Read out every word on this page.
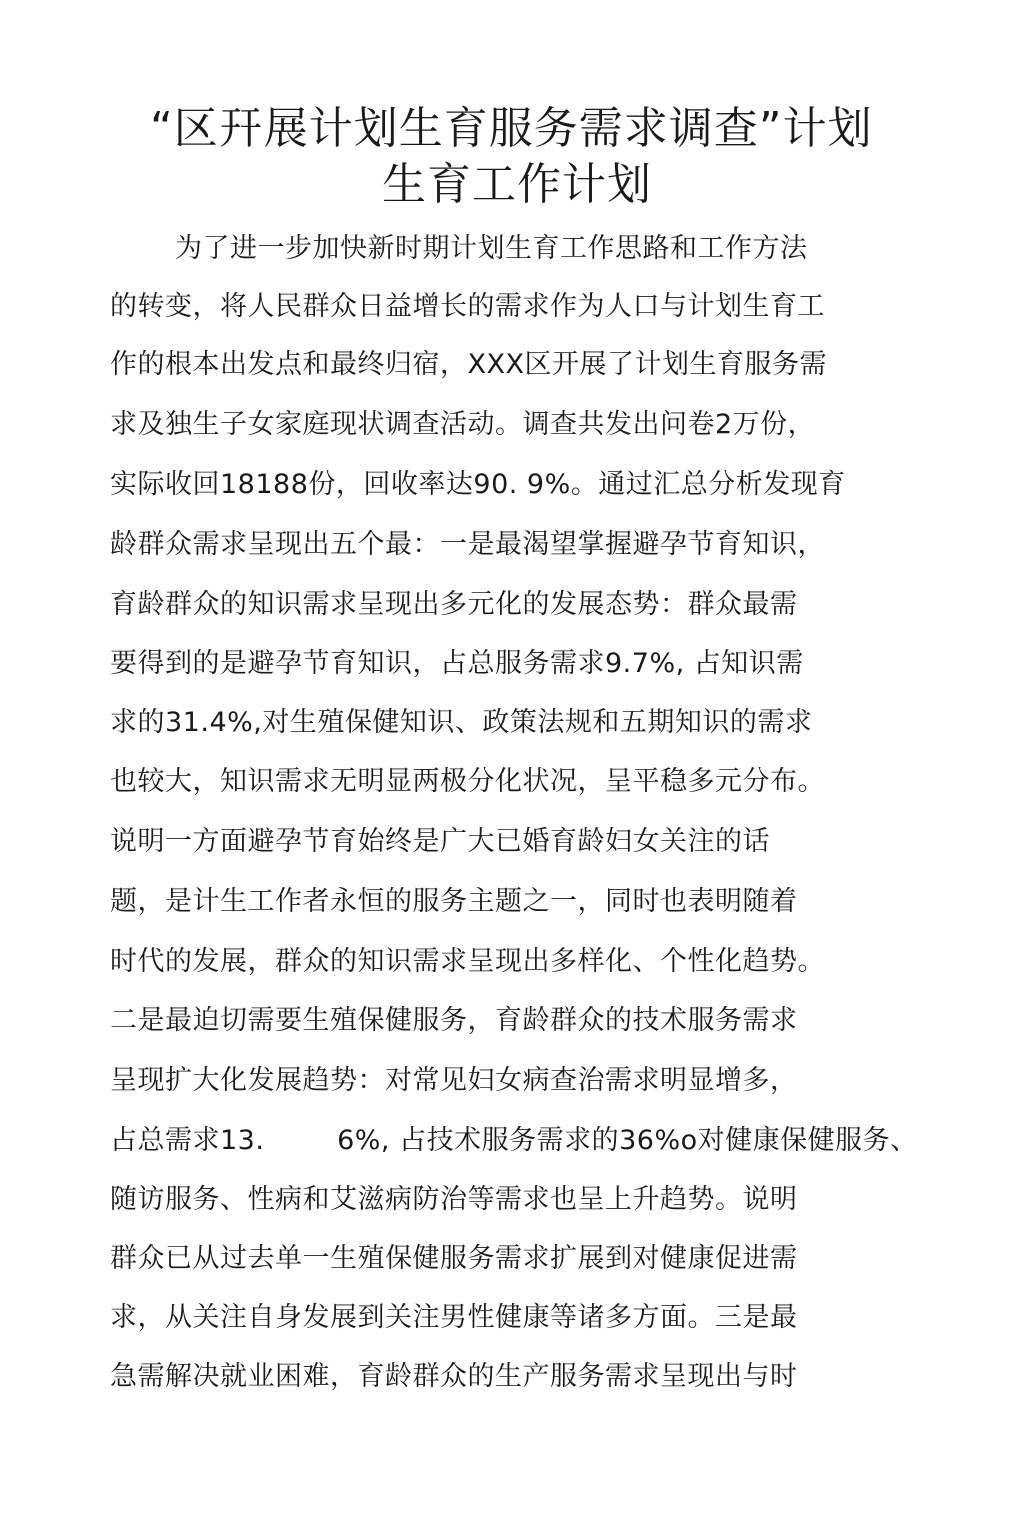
“区幵展计划生育服务需求调查”计划
生育工作计划

为了进一步加快新时期计划生育工作思路和工作方法

的转变，将人民群众日益增长的需求作为人口与计划生育工

作的根本出发点和最终归宿，XXX区开展了计划生育服务需

求及独生子女家庭现状调查活动。调查共发出问卷2万份，

实际收回18188份，回收率达90. 9%。通过汇总分析发现育

龄群众需求呈现出五个最：一是最渴望掌握避孕节育知识，

育龄群众的知识需求呈现出多元化的发展态势：群众最需

要得到的是避孕节育知识，占总服务需求9.7%, 占知识需

求的31.4%,对生殖保健知识、政策法规和五期知识的需求

也较大，知识需求无明显两极分化状况，呈平稳多元分布。

说明一方面避孕节育始终是广大已婚育龄妇女关注的话

题，是计生工作者永恒的服务主题之一，同时也表明随着

时代的发展，群众的知识需求呈现出多样化、个性化趋势。

二是最迫切需要生殖保健服务，育龄群众的技术服务需求

呈现扩大化发展趋势：对常见妇女病查治需求明显增多，

占总需求13.        6%, 占技术服务需求的36%o对健康保健服务、

随访服务、性病和艾滋病防治等需求也呈上升趋势。说明

群众已从过去单一生殖保健服务需求扩展到对健康促进需

求，从关注自身发展到关注男性健康等诸多方面。三是最

急需解决就业困难，育龄群众的生产服务需求呈现出与时
